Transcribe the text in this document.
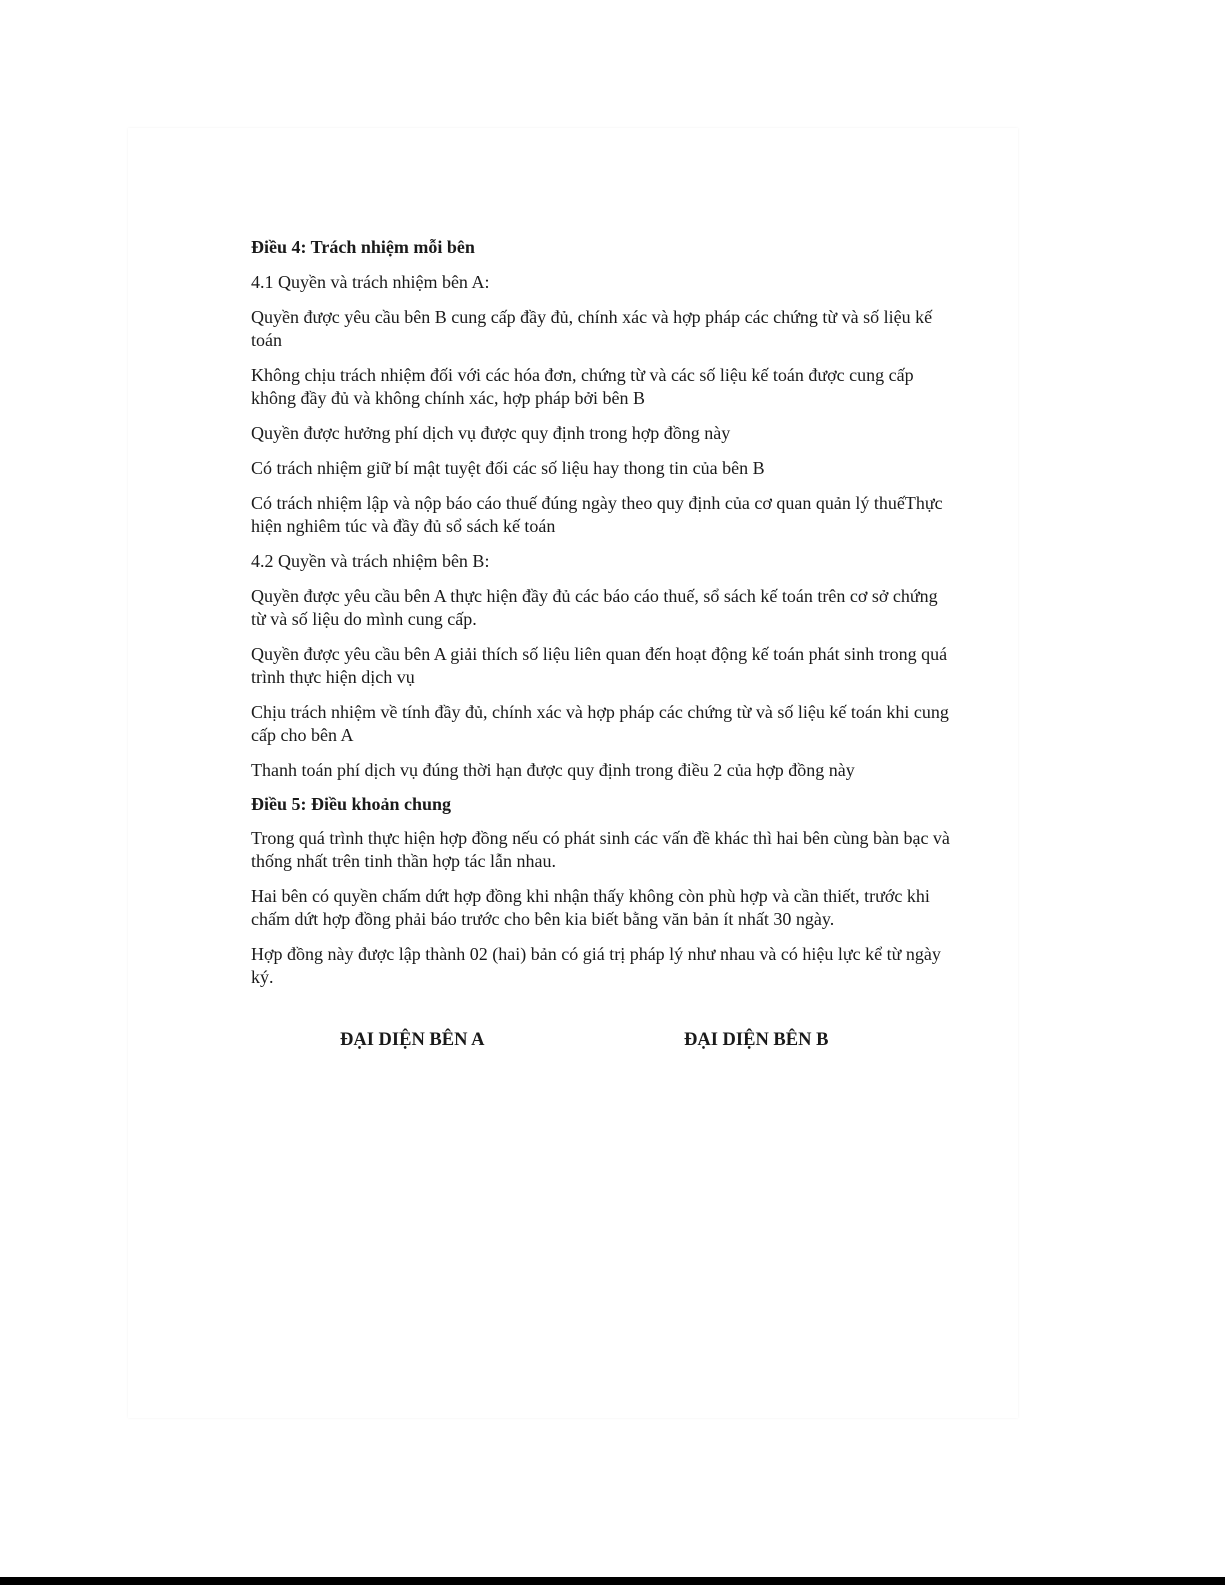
Điều 4: Trách nhiệm mỗi bên

4.1 Quyền và trách nhiệm bên A:

Quyền được yêu cầu bên B cung cấp đầy đủ, chính xác và hợp pháp các chứng từ và số liệu kế toán

Không chịu trách nhiệm đối với các hóa đơn, chứng từ và các số liệu kế toán được cung cấp không đầy đủ và không chính xác, hợp pháp bởi bên B

Quyền được hưởng phí dịch vụ được quy định trong hợp đồng này

Có trách nhiệm giữ bí mật tuyệt đối các số liệu hay thong tin của bên B

Có trách nhiệm lập và nộp báo cáo thuế đúng ngày theo quy định của cơ quan quản lý thuếThực hiện nghiêm túc và đầy đủ sổ sách kế toán

4.2 Quyền và trách nhiệm bên B:

Quyền được yêu cầu bên A thực hiện đầy đủ các báo cáo thuế, sổ sách kế toán trên cơ sở chứng từ và số liệu do mình cung cấp.

Quyền được yêu cầu bên A giải thích số liệu liên quan đến hoạt động kế toán phát sinh trong quá trình thực hiện dịch vụ

Chịu trách nhiệm về tính đầy đủ, chính xác và hợp pháp các chứng từ và số liệu kế toán khi cung cấp cho bên A

Thanh toán phí dịch vụ đúng thời hạn được quy định trong điều 2 của hợp đồng này

Điều 5: Điều khoản chung

Trong quá trình thực hiện hợp đồng nếu có phát sinh các vấn đề khác thì hai bên cùng bàn bạc và thống nhất trên tinh thần hợp tác lẫn nhau.

Hai bên có quyền chấm dứt hợp đồng khi nhận thấy không còn phù hợp và cần thiết, trước khi chấm dứt hợp đồng phải báo trước cho bên kia biết bằng văn bản ít nhất 30 ngày.

Hợp đồng này được lập thành 02 (hai) bản có giá trị pháp lý như nhau và có hiệu lực kể từ ngày ký.

ĐẠI DIỆN BÊN A	ĐẠI DIỆN BÊN B
